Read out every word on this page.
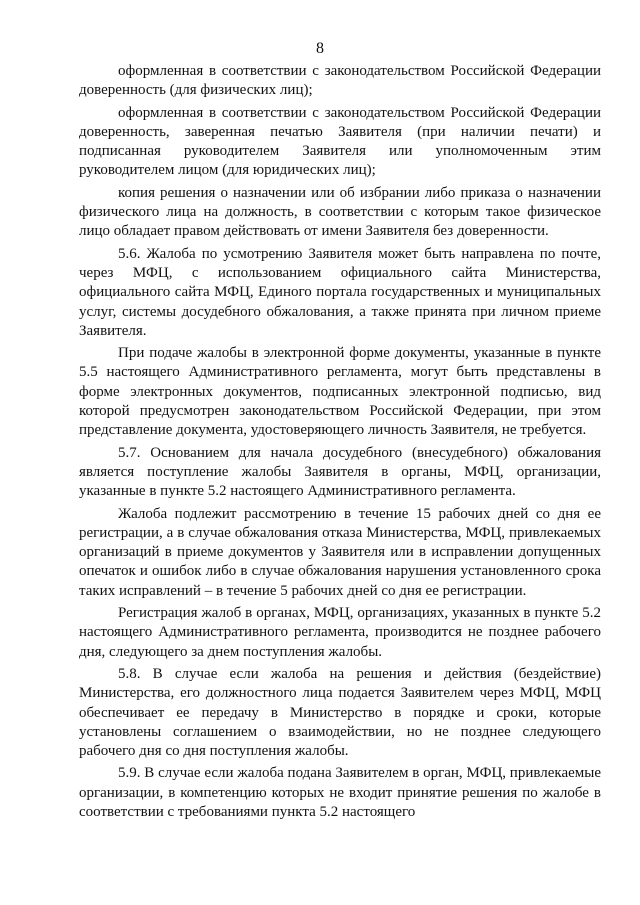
8

оформленная в соответствии с законодательством Российской Федерации доверенность (для физических лиц);

оформленная в соответствии с законодательством Российской Федерации доверенность, заверенная печатью Заявителя (при наличии печати) и подписанная руководителем Заявителя или уполномоченным этим руководителем лицом (для юридических лиц);

копия решения о назначении или об избрании либо приказа о назначении физического лица на должность, в соответствии с которым такое физическое лицо обладает правом действовать от имени Заявителя без доверенности.

5.6. Жалоба по усмотрению Заявителя может быть направлена по почте, через МФЦ, с использованием официального сайта Министерства, официального сайта МФЦ, Единого портала государственных и муниципальных услуг, системы досудебного обжалования, а также принята при личном приеме Заявителя.

При подаче жалобы в электронной форме документы, указанные в пункте 5.5 настоящего Административного регламента, могут быть представлены в форме электронных документов, подписанных электронной подписью, вид которой предусмотрен законодательством Российской Федерации, при этом представление документа, удостоверяющего личность Заявителя, не требуется.

5.7. Основанием для начала досудебного (внесудебного) обжалования является поступление жалобы Заявителя в органы, МФЦ, организации, указанные в пункте 5.2 настоящего Административного регламента.

Жалоба подлежит рассмотрению в течение 15 рабочих дней со дня ее регистрации, а в случае обжалования отказа Министерства, МФЦ, привлекаемых организаций в приеме документов у Заявителя или в исправлении допущенных опечаток и ошибок либо в случае обжалования нарушения установленного срока таких исправлений – в течение 5 рабочих дней со дня ее регистрации.

Регистрация жалоб в органах, МФЦ, организациях, указанных в пункте 5.2 настоящего Административного регламента, производится не позднее рабочего дня, следующего за днем поступления жалобы.

5.8. В случае если жалоба на решения и действия (бездействие) Министерства, его должностного лица подается Заявителем через МФЦ, МФЦ обеспечивает ее передачу в Министерство в порядке и сроки, которые установлены соглашением о взаимодействии, но не позднее следующего рабочего дня со дня поступления жалобы.

5.9. В случае если жалоба подана Заявителем в орган, МФЦ, привлекаемые организации, в компетенцию которых не входит принятие решения по жалобе в соответствии с требованиями пункта 5.2 настоящего
